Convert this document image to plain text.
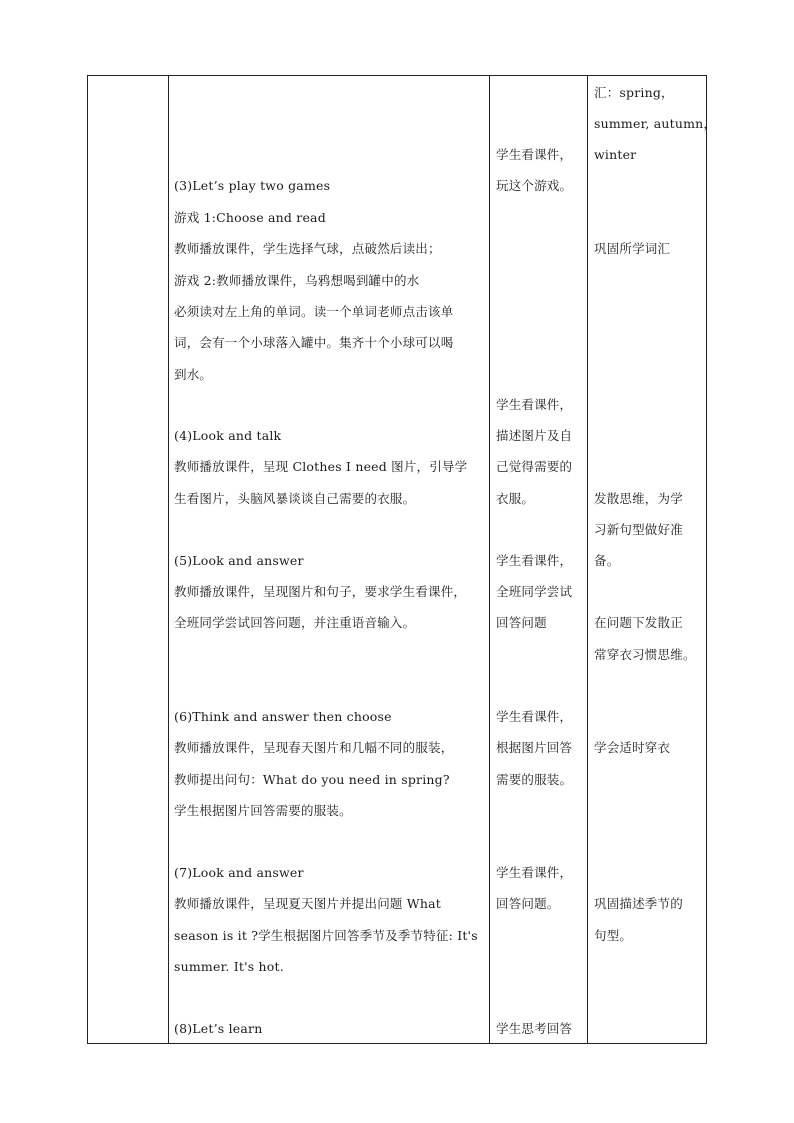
(3)Let’s play two games
游戏 1:Choose and read
教师播放课件，学生选择气球，点破然后读出；
游戏 2:教师播放课件，乌鸦想喝到罐中的水
必须读对左上角的单词。读一个单词老师点击该单
词，会有一个小球落入罐中。集齐十个小球可以喝
到水。
(4)Look and talk
教师播放课件，呈现 Clothes I need 图片，引导学
生看图片，头脑风暴谈谈自己需要的衣服。
(5)Look and answer
教师播放课件，呈现图片和句子，要求学生看课件，
全班同学尝试回答问题，并注重语音输入。
(6)Think and answer then choose
教师播放课件，呈现春天图片和几幅不同的服装，
教师提出问句：What do you need in spring?
学生根据图片回答需要的服装。
(7)Look and answer
教师播放课件，呈现夏天图片并提出问题 What
season is it ?学生根据图片回答季节及季节特征: It's
summer. It's hot.
(8)Let’s learn
学生看课件，
玩这个游戏。
学生看课件，
描述图片及自
己觉得需要的
衣服。
学生看课件，
全班同学尝试
回答问题
学生看课件，
根据图片回答
需要的服装。
学生看课件，
回答问题。
学生思考回答
汇：spring，
summer, autumn，
winter
巩固所学词汇
发散思维，为学
习新句型做好准
备。
在问题下发散正
常穿衣习惯思维。
学会适时穿衣
巩固描述季节的
句型。
